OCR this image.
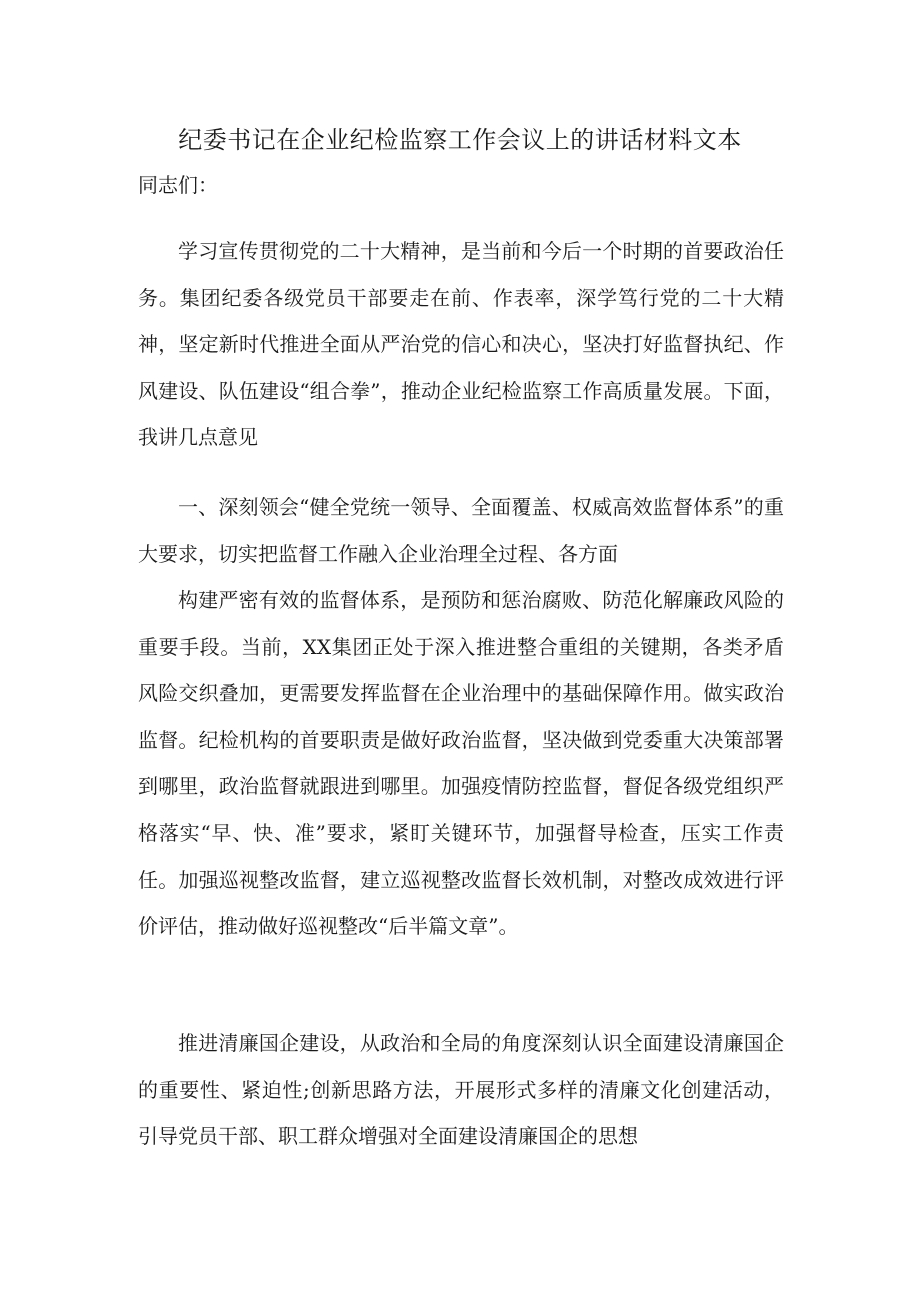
纪委书记在企业纪检监察工作会议上的讲话材料文本

同志们：

学习宣传贯彻党的二十大精神，是当前和今后一个时期的首要政治任务。集团纪委各级党员干部要走在前、作表率，深学笃行党的二十大精神，坚定新时代推进全面从严治党的信心和决心，坚决打好监督执纪、作风建设、队伍建设“组合拳”，推动企业纪检监察工作高质量发展。下面，我讲几点意见

一、深刻领会“健全党统一领导、全面覆盖、权威高效监督体系”的重大要求，切实把监督工作融入企业治理全过程、各方面

构建严密有效的监督体系，是预防和惩治腐败、防范化解廉政风险的重要手段。当前，XX集团正处于深入推进整合重组的关键期，各类矛盾风险交织叠加，更需要发挥监督在企业治理中的基础保障作用。做实政治监督。纪检机构的首要职责是做好政治监督，坚决做到党委重大决策部署到哪里，政治监督就跟进到哪里。加强疫情防控监督，督促各级党组织严格落实“早、快、准”要求，紧盯关键环节，加强督导检查，压实工作责任。加强巡视整改监督，建立巡视整改监督长效机制，对整改成效进行评价评估，推动做好巡视整改“后半篇文章”。

推进清廉国企建设，从政治和全局的角度深刻认识全面建设清廉国企的重要性、紧迫性;创新思路方法，开展形式多样的清廉文化创建活动，引导党员干部、职工群众增强对全面建设清廉国企的思想
